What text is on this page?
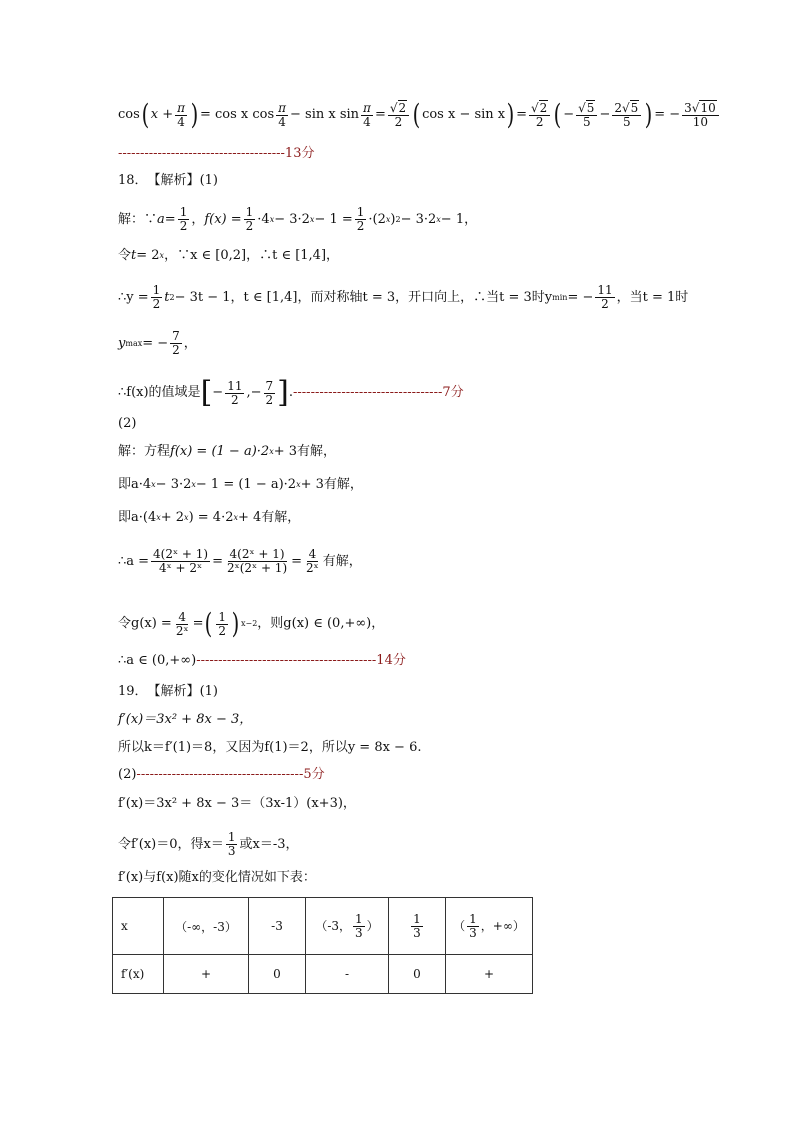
cos ( x
+ $\frac{\pi}{4}$ ) = cos x $\cos \frac{\pi}{4} - \sin x$ $\sin \frac{\pi}{4} = \frac{√2}{2}$ ( cos x − sin x ) = $\frac{√2}{2}$ ( − $\frac{√5}{5} - \frac{2√5}{5}$ ) = − $\frac{3√10}{10}$
-------------------------------------- 13分
18． 【解析】 (1)
解：∵ $a = \frac{1}{2}$ ， $f(x) = \frac{1}{2} \cdot 4$ x − 3·2 $x - 1 = \frac{1}{2} \cdot(2$ x ) 2 − 3·2 x − 1，
令 t = 2 x ，∵x ∈ [0,2]，∴t ∈ [1,4]，
∴y = $\frac{1}{2}$ t 2 − 3t − 1，t ∈ [1,4]，而对称轴t = 3，开口向上，∴当t = 3时y min = − $\frac{11}{2}$ ，当t = 1时
y max = − $\frac{7}{2}$ ，
∴f(x)的值域是 [ − $\frac{11}{2}$ ,− $\frac{7}{2}$ ] . ---------------------------------- 7分
(2)
解：方程 f(x) = (1 − a)·2 x + 3有解，
即a·4 x − 3·2 x − 1 = (1 − a)·2 x + 3有解，
即a·(4 x + 2 x ) = 4·2 x + 4有解，
∴a = $\frac{\text{4(2ˣ + 1)}}{\text{4ˣ + 2ˣ}} = \frac{\text{4(2ˣ + 1)}}{\text{2ˣ(2ˣ + 1)}} = \frac{4}{\text{2ˣ}}$ 有解，
令$g(x) = \frac{4}{\text{2ˣ}}$ = ( $\frac{1}{2}$ ) x−2 ，则g(x) ∈ (0,+∞)，
∴a ∈ (0,+∞) ----------------------------------------- 14分
19． 【解析】 (1)
f′(x)＝3x² + 8x − 3，
所以k＝f′(1)＝8，又因为f(1)＝2，所以y = 8x − 6.
(2) -------------------------------------- 5分
f′(x)＝3x² + 8x − 3＝（3x-1）(x+3)，
令f′(x)＝0，得$x= \frac{1}{3}$ 或x＝-3，
f′(x)与f(x)随x的变化情况如下表：
x	（-∞，-3）	-3	（-3， $\frac{1}{3}$ ）	$\frac{1}{3}$	（ $\frac{1}{3}$ ，+∞）
f′(x)	+	0	-	0	+
